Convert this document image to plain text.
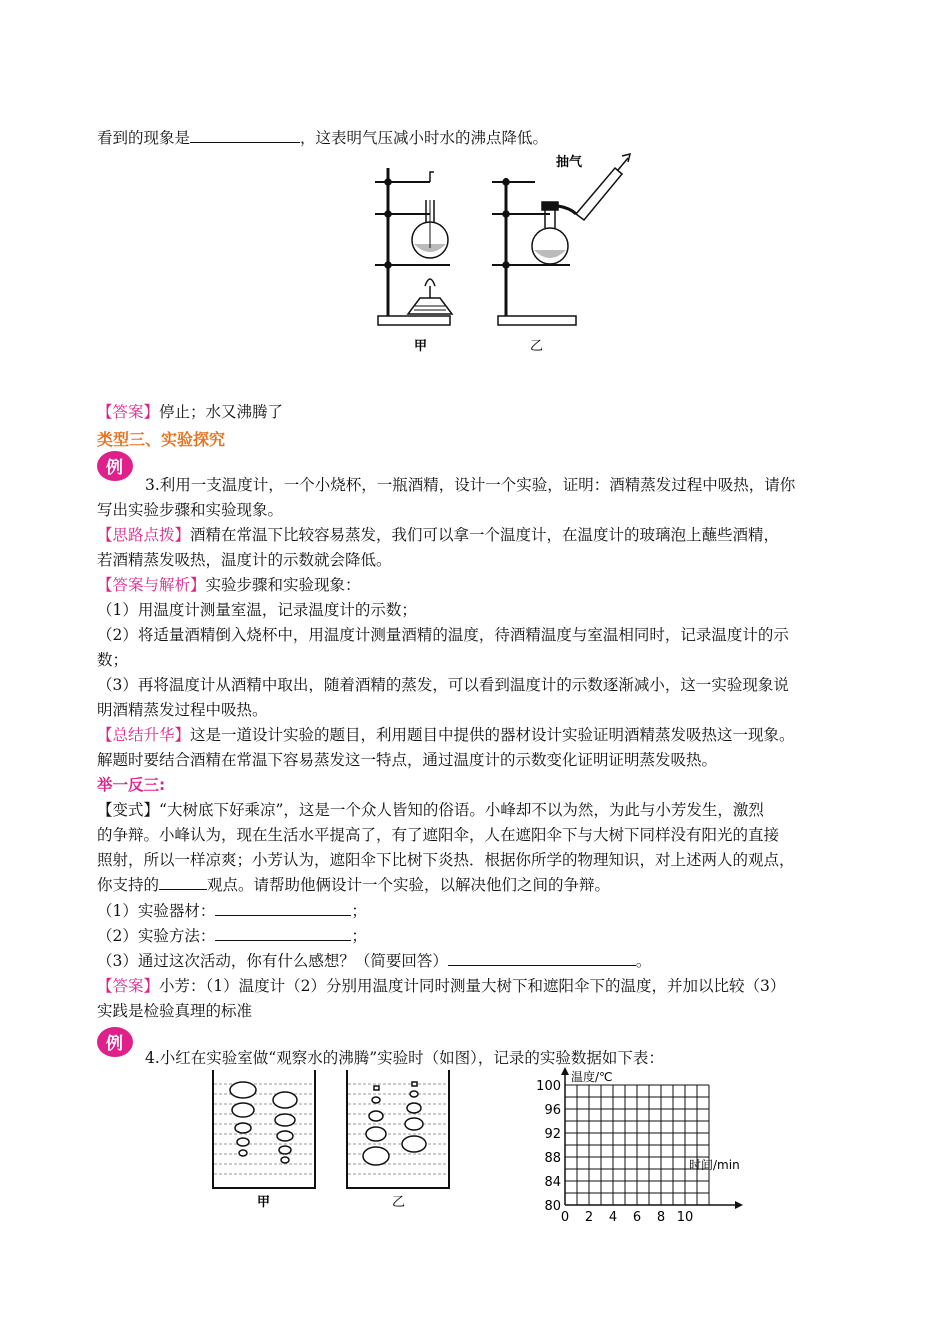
看到的现象是	，这表明气压减小时水的沸点降低。
抽气
甲	乙
【答案】停止；水又沸腾了
类型三、实验探究
例
3.利用一支温度计，一个小烧杯，一瓶酒精，设计一个实验，证明：酒精蒸发过程中吸热，请你
写出实验步骤和实验现象。
【思路点拨】酒精在常温下比较容易蒸发，我们可以拿一个温度计，在温度计的玻璃泡上蘸些酒精，
若酒精蒸发吸热，温度计的示数就会降低。
【答案与解析】实验步骤和实验现象：
（1）用温度计测量室温，记录温度计的示数；
（2）将适量酒精倒入烧杯中，用温度计测量酒精的温度，待酒精温度与室温相同时，记录温度计的示
数；
（3）再将温度计从酒精中取出，随着酒精的蒸发，可以看到温度计的示数逐渐减小，这一实验现象说
明酒精蒸发过程中吸热。
【总结升华】这是一道设计实验的题目，利用题目中提供的器材设计实验证明酒精蒸发吸热这一现象。
解题时要结合酒精在常温下容易蒸发这一特点，通过温度计的示数变化证明证明蒸发吸热。
举一反三:
【变式】“大树底下好乘凉”，这是一个众人皆知的俗语。小峰却不以为然，为此与小芳发生，激烈
的争辩。小峰认为，现在生活水平提高了，有了遮阳伞，人在遮阳伞下与大树下同样没有阳光的直接
照射，所以一样凉爽；小芳认为，遮阳伞下比树下炎热．根据你所学的物理知识，对上述两人的观点，
你支持的	观点。请帮助他俩设计一个实验，以解决他们之间的争辩。
（1）实验器材：	；
（2）实验方法：	；
（3）通过这次活动，你有什么感想？（简要回答）	。
【答案】小芳：（1）温度计（2）分别用温度计同时测量大树下和遮阳伞下的温度，并加以比较（3）
实践是检验真理的标准
例
4.小红在实验室做“观察水的沸腾”实验时（如图），记录的实验数据如下表：
甲	乙
100
96
92
88
84
80
0 2 4 6 8 10
温度/℃
时间/min
